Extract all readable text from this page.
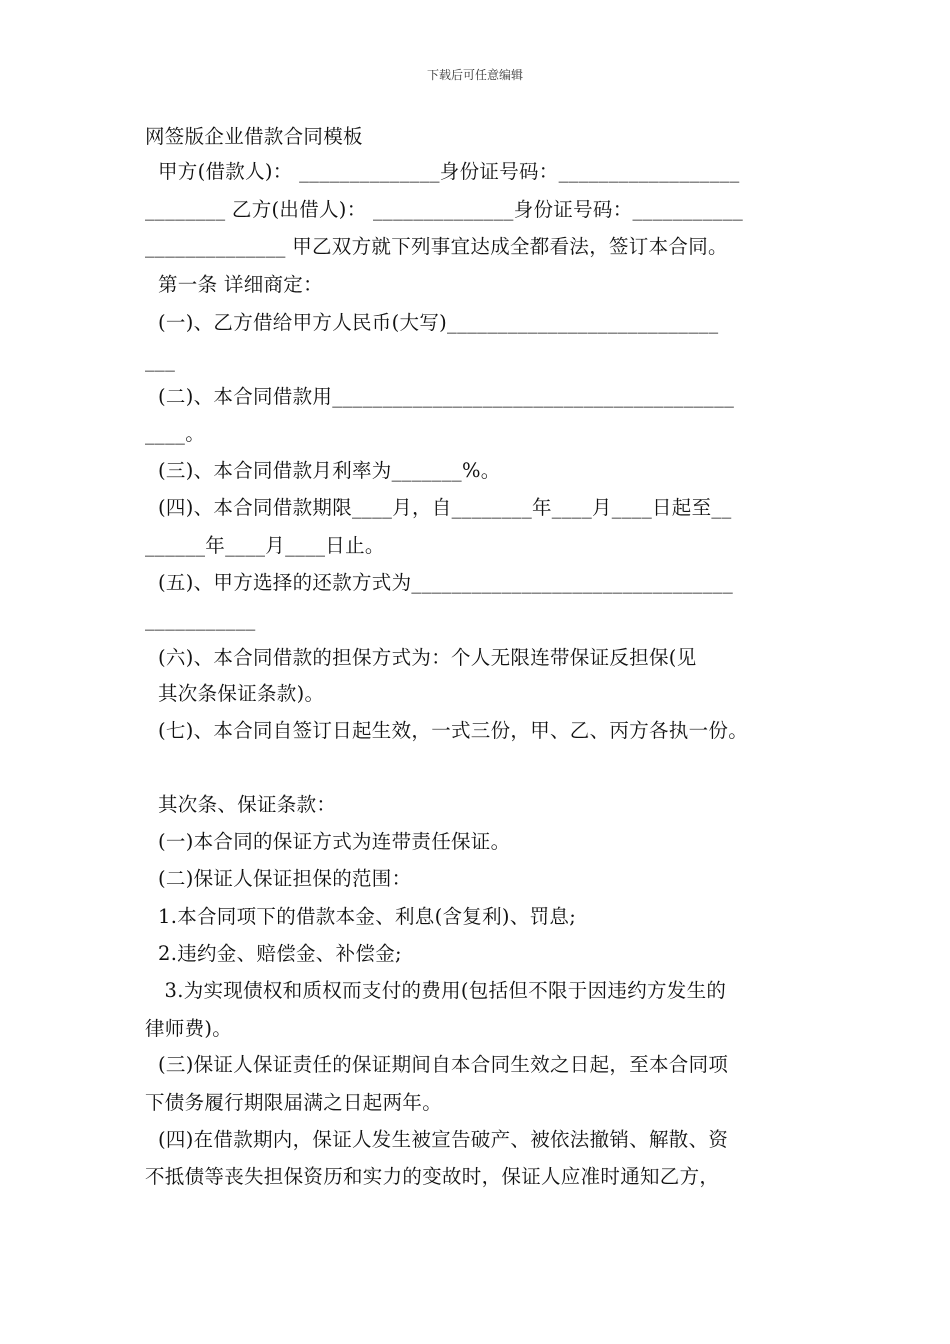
下载后可任意编辑
网签版企业借款合同模板
甲方(借款人)： ______________身份证号码：__________________
________ 乙方(出借人)： ______________身份证号码：___________
______________ 甲乙双方就下列事宜达成全都看法，签订本合同。
第一条 详细商定：
(一)、乙方借给甲方人民币(大写)___________________________
___
(二)、本合同借款用________________________________________
____。
(三)、本合同借款月利率为_______%。
(四)、本合同借款期限____月，自________年____月____日起至__
______年____月____日止。
(五)、甲方选择的还款方式为________________________________
___________
(六)、本合同借款的担保方式为：个人无限连带保证反担保(见
其次条保证条款)。
(七)、本合同自签订日起生效，一式三份，甲、乙、丙方各执一份。
其次条、保证条款：
(一)本合同的保证方式为连带责任保证。
(二)保证人保证担保的范围：
1.本合同项下的借款本金、利息(含复利)、罚息;
2.违约金、赔偿金、补偿金;
3.为实现债权和质权而支付的费用(包括但不限于因违约方发生的
律师费)。
(三)保证人保证责任的保证期间自本合同生效之日起，至本合同项
下债务履行期限届满之日起两年。
(四)在借款期内，保证人发生被宣告破产、被依法撤销、解散、资
不抵债等丧失担保资历和实力的变故时，保证人应准时通知乙方，
